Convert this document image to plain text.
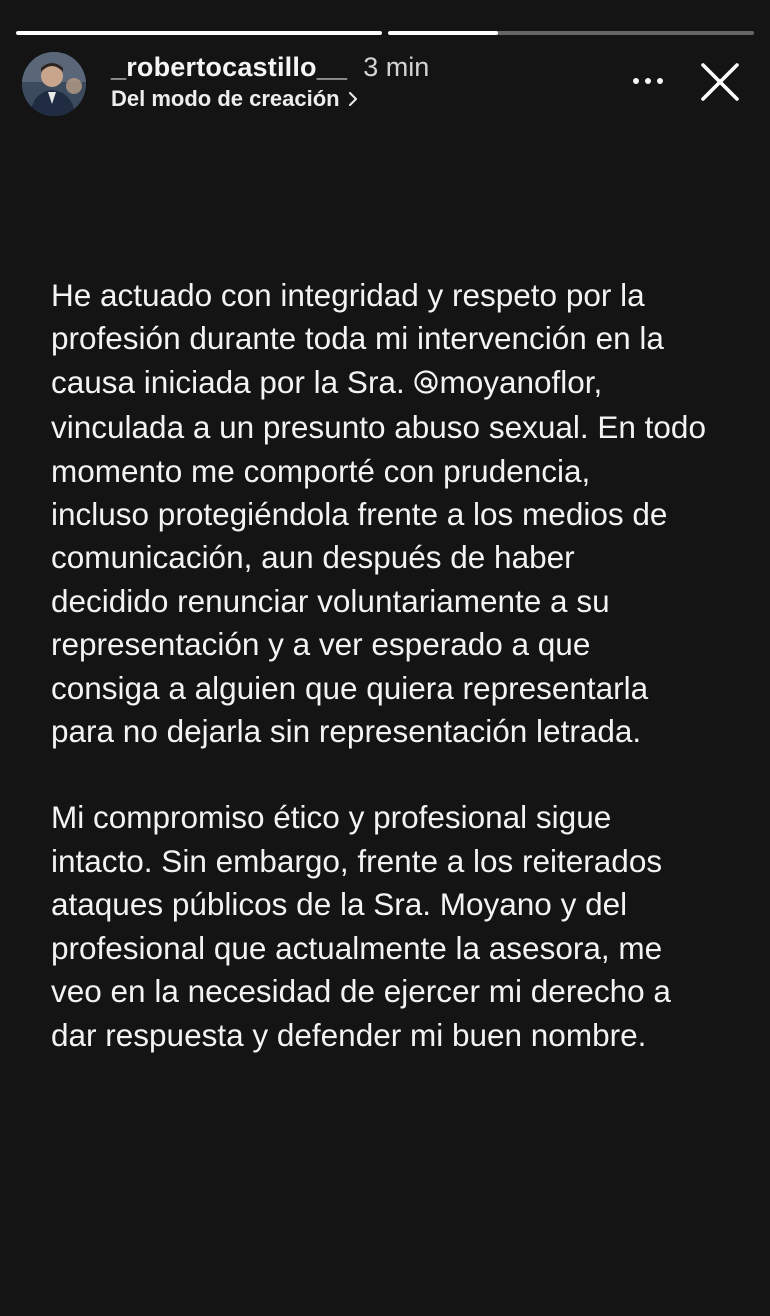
_robertocastillo__ 3 min
Del modo de creación

He actuado con integridad y respeto por la
profesión durante toda mi intervención en la
causa iniciada por la Sra. moyanoflor,
vinculada a un presunto abuso sexual. En todo
momento me comporté con prudencia,
incluso protegiéndola frente a los medios de
comunicación, aun después de haber
decidido renunciar voluntariamente a su
representación y a ver esperado a que
consiga a alguien que quiera representarla
para no dejarla sin representación letrada.

Mi compromiso ético y profesional sigue
intacto. Sin embargo, frente a los reiterados
ataques públicos de la Sra. Moyano y del
profesional que actualmente la asesora, me
veo en la necesidad de ejercer mi derecho a
dar respuesta y defender mi buen nombre.
